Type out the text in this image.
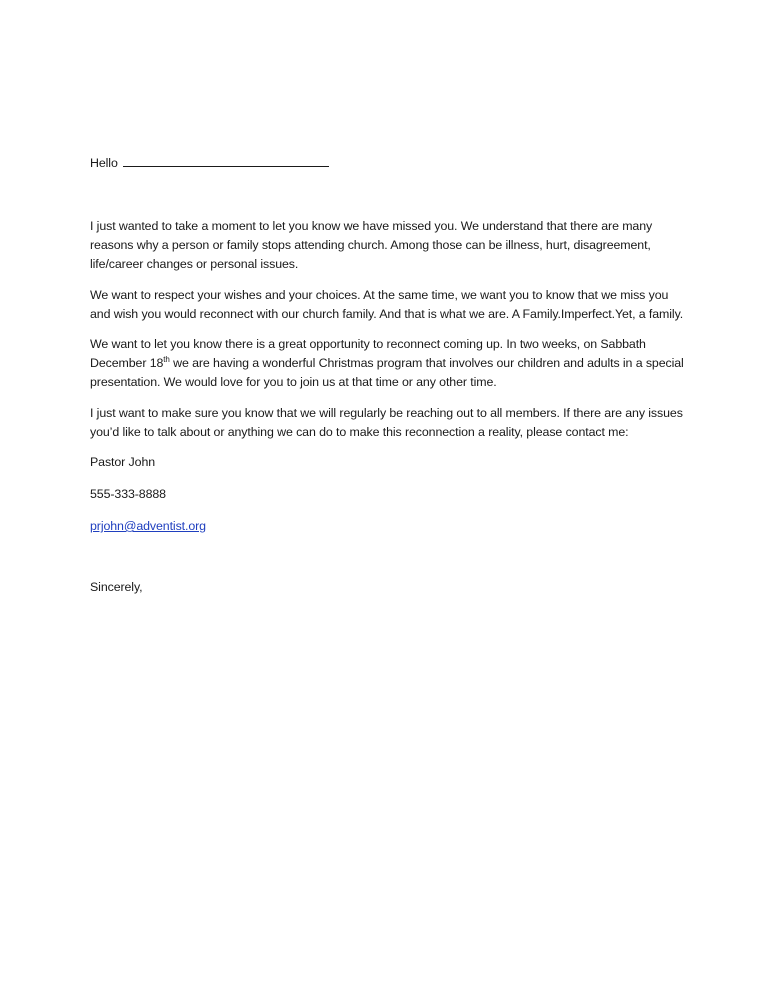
Hello

I just wanted to take a moment to let you know we have missed you. We understand that there are many reasons why a person or family stops attending church. Among those can be illness, hurt, disagreement, life/career changes or personal issues.

We want to respect your wishes and your choices. At the same time, we want you to know that we miss you and wish you would reconnect with our church family. And that is what we are. A Family.Imperfect.Yet, a family.

We want to let you know there is a great opportunity to reconnect coming up. In two weeks, on Sabbath December 18th we are having a wonderful Christmas program that involves our children and adults in a special presentation. We would love for you to join us at that time or any other time.

I just want to make sure you know that we will regularly be reaching out to all members. If there are any issues you’d like to talk about or anything we can do to make this reconnection a reality, please contact me:

Pastor John

555-333-8888

prjohn@adventist.org

Sincerely,
